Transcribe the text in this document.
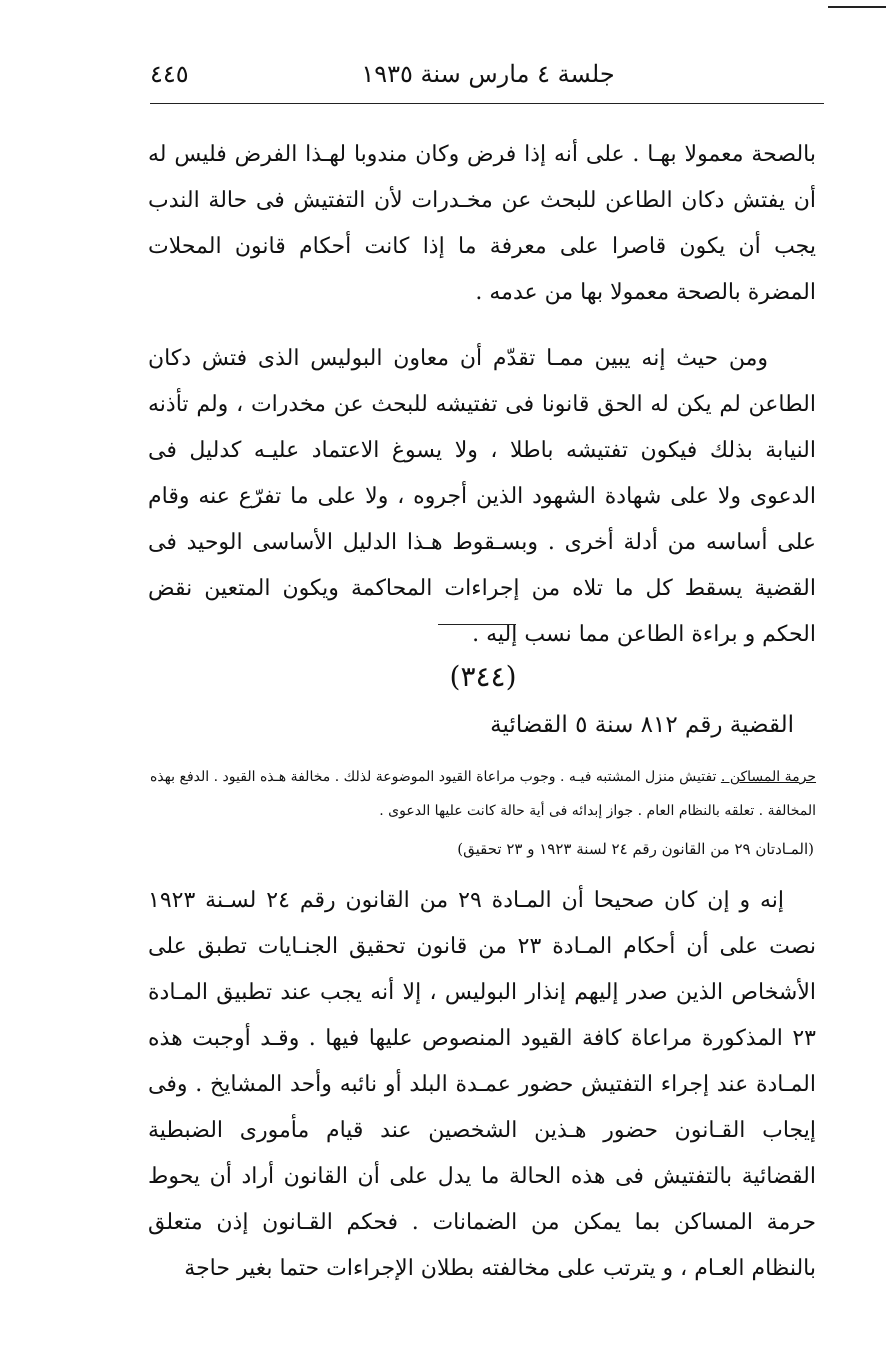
جلسة ٤ مارس سنة ١٩٣٥
٤٤٥

بالصحة معمولا بهـا . على أنه إذا فرض وكان مندوبا لهـذا الفرض فليس له أن يفتش دكان الطاعن للبحث عن مخـدرات لأن التفتيش فى حالة الندب يجب أن يكون قاصرا على معرفة ما إذا كانت أحكام قانون المحلات المضرة بالصحة معمولا بها من عدمه .

ومن حيث إنه يبين ممـا تقدّم أن معاون البوليس الذى فتش دكان الطاعن لم يكن له الحق قانونا فى تفتيشه للبحث عن مخدرات ، ولم تأذنه النيابة بذلك فيكون تفتيشه باطلا ، ولا يسوغ الاعتماد عليـه كدليل فى الدعوى ولا على شهادة الشهود الذين أجروه ، ولا على ما تفرّع عنه وقام على أساسه من أدلة أخرى . وبسـقوط هـذا الدليل الأساسى الوحيد فى القضية يسقط كل ما تلاه من إجراءات المحاكمة ويكون المتعين نقض الحكم و براءة الطاعن مما نسب إليه .

(٣٤٤)
القضية رقم ٨١٢ سنة ٥ القضائية
حرمة المساكن . تفتيش منزل المشتبه فيـه . وجوب مراعاة القيود الموضوعة لذلك . مخالفة هـذه القيود . الدفع بهذه المخالفة . تعلقه بالنظام العام . جواز إبدائه فى أية حالة كانت عليها الدعوى .
(المـادتان ٢٩ من القانون رقم ٢٤ لسنة ١٩٢٣ و ٢٣ تحقيق)

إنه و إن كان صحيحا أن المـادة ٢٩ من القانون رقم ٢٤ لسـنة ١٩٢٣ نصت على أن أحكام المـادة ٢٣ من قانون تحقيق الجنـايات تطبق على الأشخاص الذين صدر إليهم إنذار البوليس ، إلا أنه يجب عند تطبيق المـادة ٢٣ المذكورة مراعاة كافة القيود المنصوص عليها فيها . وقـد أوجبت هذه المـادة عند إجراء التفتيش حضور عمـدة البلد أو نائبه وأحد المشايخ . وفى إيجاب القـانون حضور هـذين الشخصين عند قيام مأمورى الضبطية القضائية بالتفتيش فى هذه الحالة ما يدل على أن القانون أراد أن يحوط حرمة المساكن بما يمكن من الضمانات . فحكم القـانون إذن متعلق بالنظام العـام ، و يترتب على مخالفته بطلان الإجراءات حتما بغير حاجة
